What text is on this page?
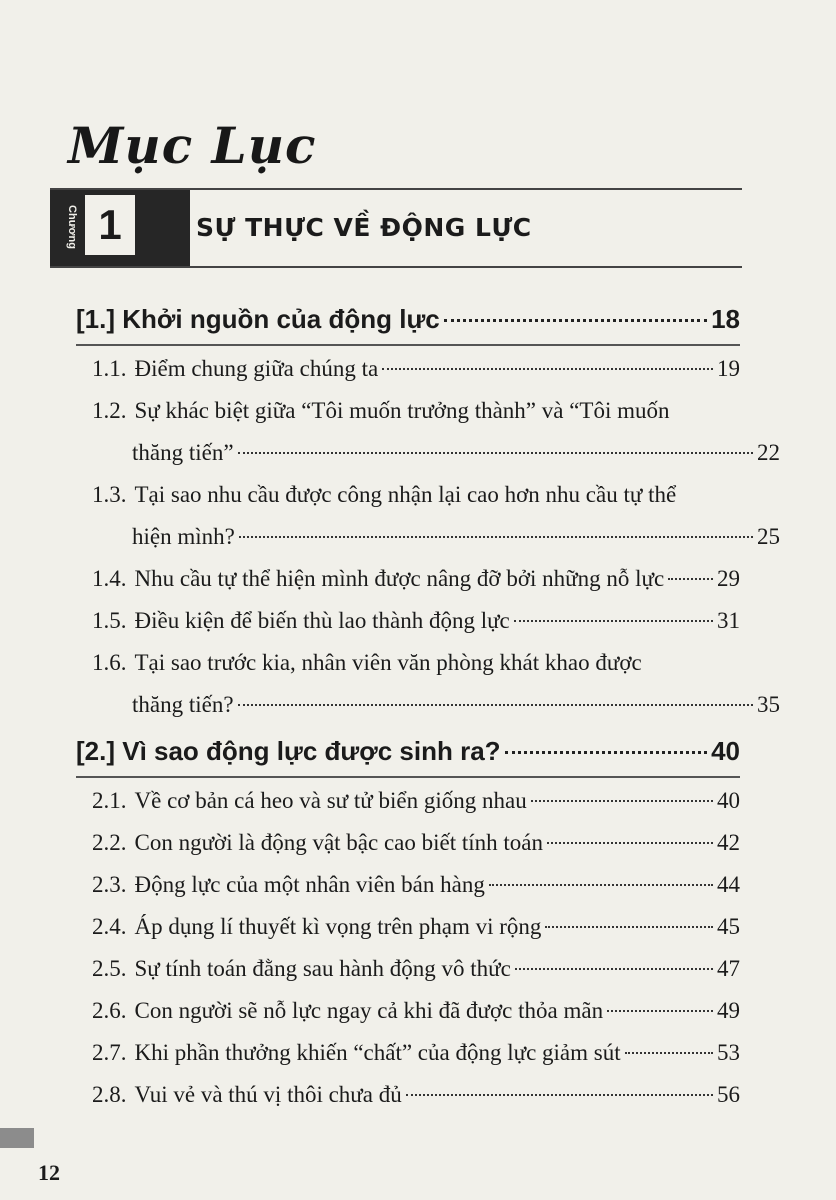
Mục Lục
Chương 1	SỰ THỰC VỀ ĐỘNG LỰC
[1.] Khởi nguồn của động lực	18
1.1. Điểm chung giữa chúng ta	19
1.2. Sự khác biệt giữa “Tôi muốn trưởng thành” và “Tôi muốn
thăng tiến”	22
1.3. Tại sao nhu cầu được công nhận lại cao hơn nhu cầu tự thể
hiện mình?	25
1.4. Nhu cầu tự thể hiện mình được nâng đỡ bởi những nỗ lực 29
1.5. Điều kiện để biến thù lao thành động lực	31
1.6. Tại sao trước kia, nhân viên văn phòng khát khao được
thăng tiến?	35
[2.] Vì sao động lực được sinh ra?	40
2.1. Về cơ bản cá heo và sư tử biển giống nhau	40
2.2. Con người là động vật bậc cao biết tính toán	42
2.3. Động lực của một nhân viên bán hàng	44
2.4. Áp dụng lí thuyết kì vọng trên phạm vi rộng	45
2.5. Sự tính toán đằng sau hành động vô thức	47
2.6. Con người sẽ nỗ lực ngay cả khi đã được thỏa mãn	49
2.7. Khi phần thưởng khiến “chất” của động lực giảm sút	53
2.8. Vui vẻ và thú vị thôi chưa đủ	56
12
